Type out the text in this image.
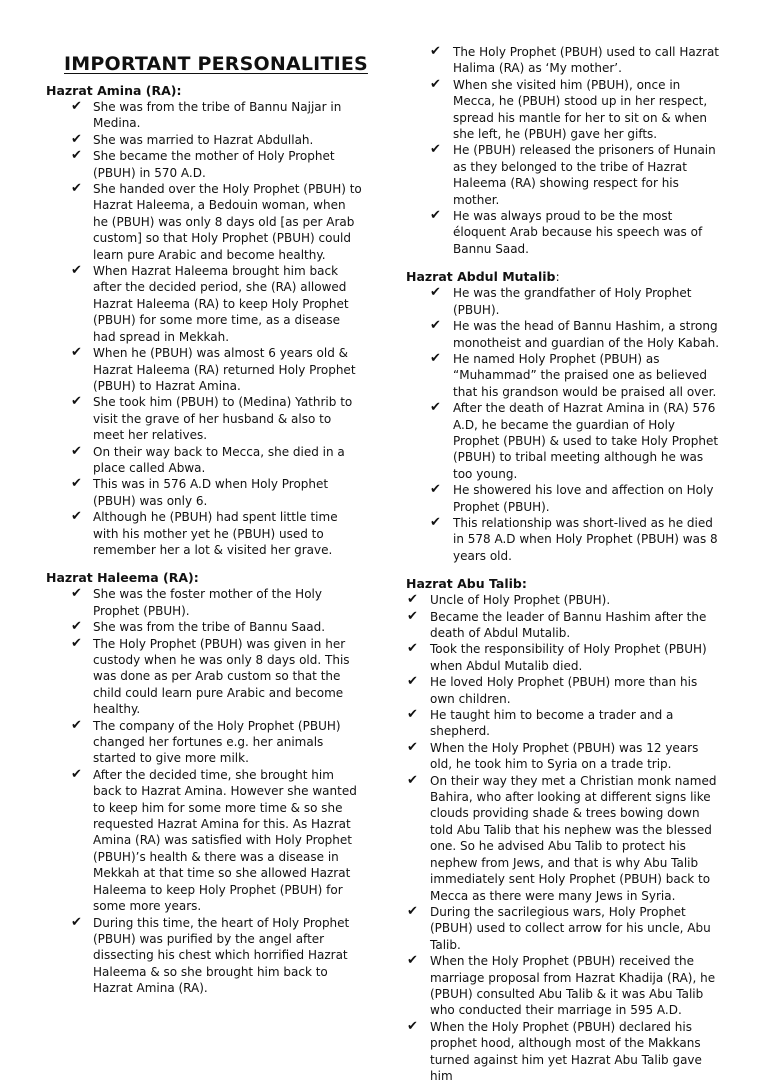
IMPORTANT PERSONALITIES
Hazrat Amina (RA):
✔ She was from the tribe of Bannu Najjar in Medina.
✔ She was married to Hazrat Abdullah.
✔ She became the mother of Holy Prophet (PBUH) in 570 A.D.
✔ She handed over the Holy Prophet (PBUH) to Hazrat Haleema, a Bedouin woman, when he (PBUH) was only 8 days old [as per Arab custom] so that Holy Prophet (PBUH) could learn pure Arabic and become healthy.
✔ When Hazrat Haleema brought him back after the decided period, she (RA) allowed Hazrat Haleema (RA) to keep Holy Prophet (PBUH) for some more time, as a disease had spread in Mekkah.
✔ When he (PBUH) was almost 6 years old & Hazrat Haleema (RA) returned Holy Prophet (PBUH) to Hazrat Amina.
✔ She took him (PBUH) to (Medina) Yathrib to visit the grave of her husband & also to meet her relatives.
✔ On their way back to Mecca, she died in a place called Abwa.
✔ This was in 576 A.D when Holy Prophet (PBUH) was only 6.
✔ Although he (PBUH) had spent little time with his mother yet he (PBUH) used to remember her a lot & visited her grave.
Hazrat Haleema (RA):
✔ She was the foster mother of the Holy Prophet (PBUH).
✔ She was from the tribe of Bannu Saad.
✔ The Holy Prophet (PBUH) was given in her custody when he was only 8 days old. This was done as per Arab custom so that the child could learn pure Arabic and become healthy.
✔ The company of the Holy Prophet (PBUH) changed her fortunes e.g. her animals started to give more milk.
✔ After the decided time, she brought him back to Hazrat Amina. However she wanted to keep him for some more time & so she requested Hazrat Amina for this. As Hazrat Amina (RA) was satisfied with Holy Prophet (PBUH)’s health & there was a disease in Mekkah at that time so she allowed Hazrat Haleema to keep Holy Prophet (PBUH) for some more years.
✔ During this time, the heart of Holy Prophet (PBUH) was purified by the angel after dissecting his chest which horrified Hazrat Haleema & so she brought him back to Hazrat Amina (RA).
✔	The Holy Prophet (PBUH) used to call Hazrat Halima (RA) as ‘My mother’.
✔	When she visited him (PBUH), once in Mecca, he (PBUH) stood up in her respect, spread his mantle for her to sit on & when she left, he (PBUH) gave her gifts.
✔	He (PBUH) released the prisoners of Hunain as they belonged to the tribe of Hazrat Haleema (RA) showing respect for his mother.
✔	He was always proud to be the most éloquent Arab because his speech was of Bannu Saad.
Hazrat Abdul Mutalib:
✔	He was the grandfather of Holy Prophet (PBUH).
✔	He was the head of Bannu Hashim, a strong monotheist and guardian of the Holy Kabah.
✔	He named Holy Prophet (PBUH) as “Muhammad” the praised one as believed that his grandson would be praised all over.
✔	After the death of Hazrat Amina in (RA) 576 A.D, he became the guardian of Holy Prophet (PBUH) & used to take Holy Prophet (PBUH) to tribal meeting although he was too young.
✔	He showered his love and affection on Holy Prophet (PBUH).
✔	This relationship was short-lived as he died in 578 A.D when Holy Prophet (PBUH) was 8 years old.
Hazrat Abu Talib:
✔	Uncle of Holy Prophet (PBUH).
✔	Became the leader of Bannu Hashim after the death of Abdul Mutalib.
✔	Took the responsibility of Holy Prophet (PBUH) when Abdul Mutalib died.
✔	He loved Holy Prophet (PBUH) more than his own children.
✔	He taught him to become a trader and a shepherd.
✔	When the Holy Prophet (PBUH) was 12 years old, he took him to Syria on a trade trip.
✔	On their way they met a Christian monk named Bahira, who after looking at different signs like clouds providing shade & trees bowing down told Abu Talib that his nephew was the blessed one. So he advised Abu Talib to protect his nephew from Jews, and that is why Abu Talib immediately sent Holy Prophet (PBUH) back to Mecca as there were many Jews in Syria.
✔	During the sacrilegious wars, Holy Prophet (PBUH) used to collect arrow for his uncle, Abu Talib.
✔	When the Holy Prophet (PBUH) received the marriage proposal from Hazrat Khadija (RA), he (PBUH) consulted Abu Talib & it was Abu Talib who conducted their marriage in 595 A.D.
✔	When the Holy Prophet (PBUH) declared his prophet hood, although most of the Makkans turned against him yet Hazrat Abu Talib gave him
